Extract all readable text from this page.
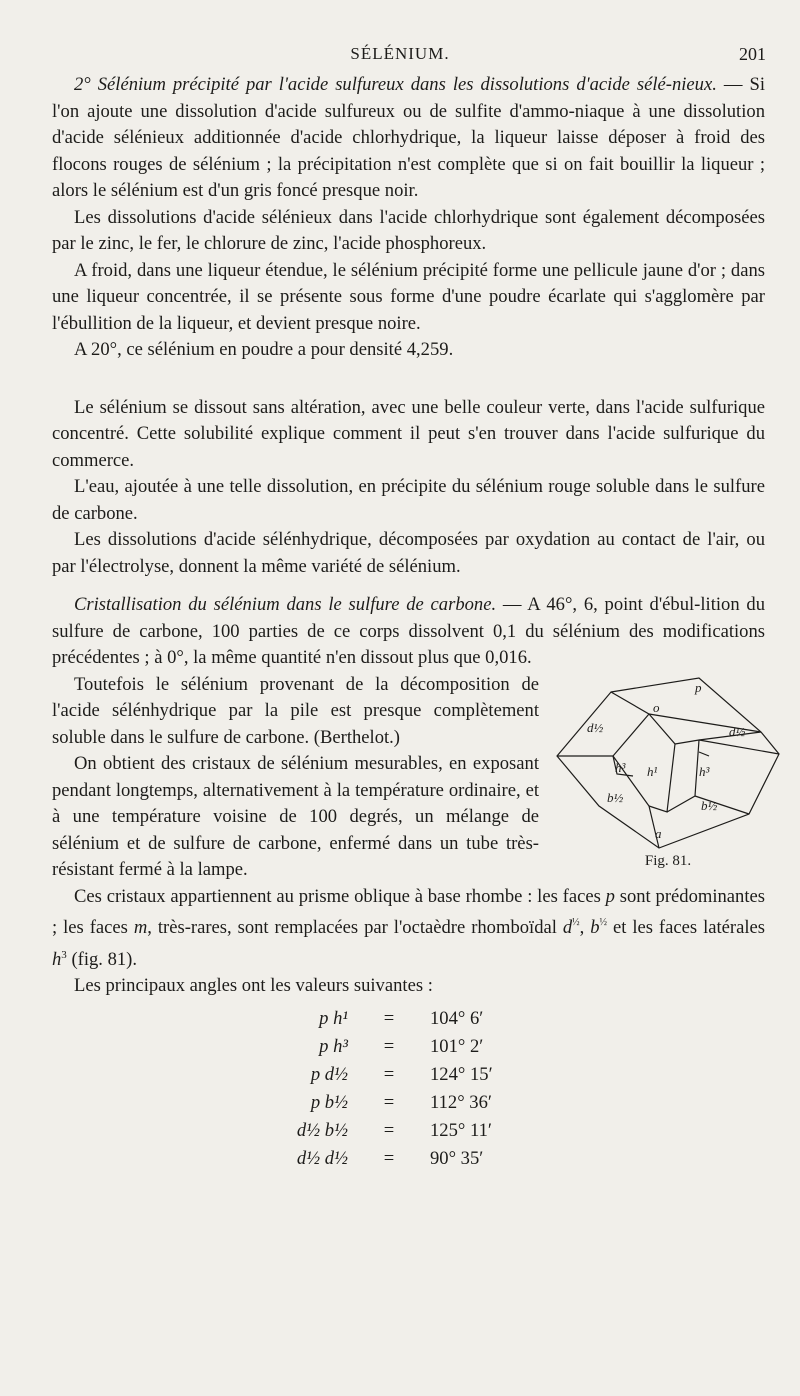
SÉLÉNIUM.	201

2° Sélénium précipité par l'acide sulfureux dans les dissolutions d'acide sélé-nieux. — Si l'on ajoute une dissolution d'acide sulfureux ou de sulfite d'ammo-niaque à une dissolution d'acide sélénieux additionnée d'acide chlorhydrique, la liqueur laisse déposer à froid des flocons rouges de sélénium ; la précipitation n'est complète que si on fait bouillir la liqueur ; alors le sélénium est d'un gris foncé presque noir.

Les dissolutions d'acide sélénieux dans l'acide chlorhydrique sont également décomposées par le zinc, le fer, le chlorure de zinc, l'acide phosphoreux.

A froid, dans une liqueur étendue, le sélénium précipité forme une pellicule jaune d'or ; dans une liqueur concentrée, il se présente sous forme d'une poudre écarlate qui s'agglomère par l'ébullition de la liqueur, et devient presque noire.

A 20°, ce sélénium en poudre a pour densité 4,259.

Le sélénium se dissout sans altération, avec une belle couleur verte, dans l'acide sulfurique concentré. Cette solubilité explique comment il peut s'en trouver dans l'acide sulfurique du commerce.

L'eau, ajoutée à une telle dissolution, en précipite du sélénium rouge soluble dans le sulfure de carbone.

Les dissolutions d'acide sélénhydrique, décomposées par oxydation au contact de l'air, ou par l'électrolyse, donnent la même variété de sélénium.

Cristallisation du sélénium dans le sulfure de carbone. — A 46°, 6, point d'ébul-lition du sulfure de carbone, 100 parties de ce corps dissolvent 0,1 du sélénium des modifications précédentes ; à 0°, la même quantité n'en dissout plus que 0,016.

p
o
d½	d½
h³ h¹	h³
b½
b½
a
Fig. 81.

Toutefois le sélénium provenant de la décomposition de l'acide sélénhydrique par la pile est presque complètement soluble dans le sulfure de carbone. (Berthelot.)

On obtient des cristaux de sélénium mesurables, en exposant pendant longtemps, alternativement à la température ordinaire, et à une température voisine de 100 degrés, un mélange de sélénium et de sulfure de carbone, enfermé dans un tube très-résistant fermé à la lampe.

Ces cristaux appartiennent au prisme oblique à base rhombe : les faces p sont prédominantes ; les faces m, très-rares, sont remplacées par l'octaèdre rhomboïdal $d^{\frac{1}{2}}$, $b^{\frac{1}{2}}$ et les faces latérales $h^3$ (fig. 81).

Les principaux angles ont les valeurs suivantes :

p h¹	=	104° 6′
p h³	=	101° 2′
p d½	=	124° 15′
p b½	=	112° 36′
d½ b½	=	125° 11′
d½ d½	=	90° 35′
